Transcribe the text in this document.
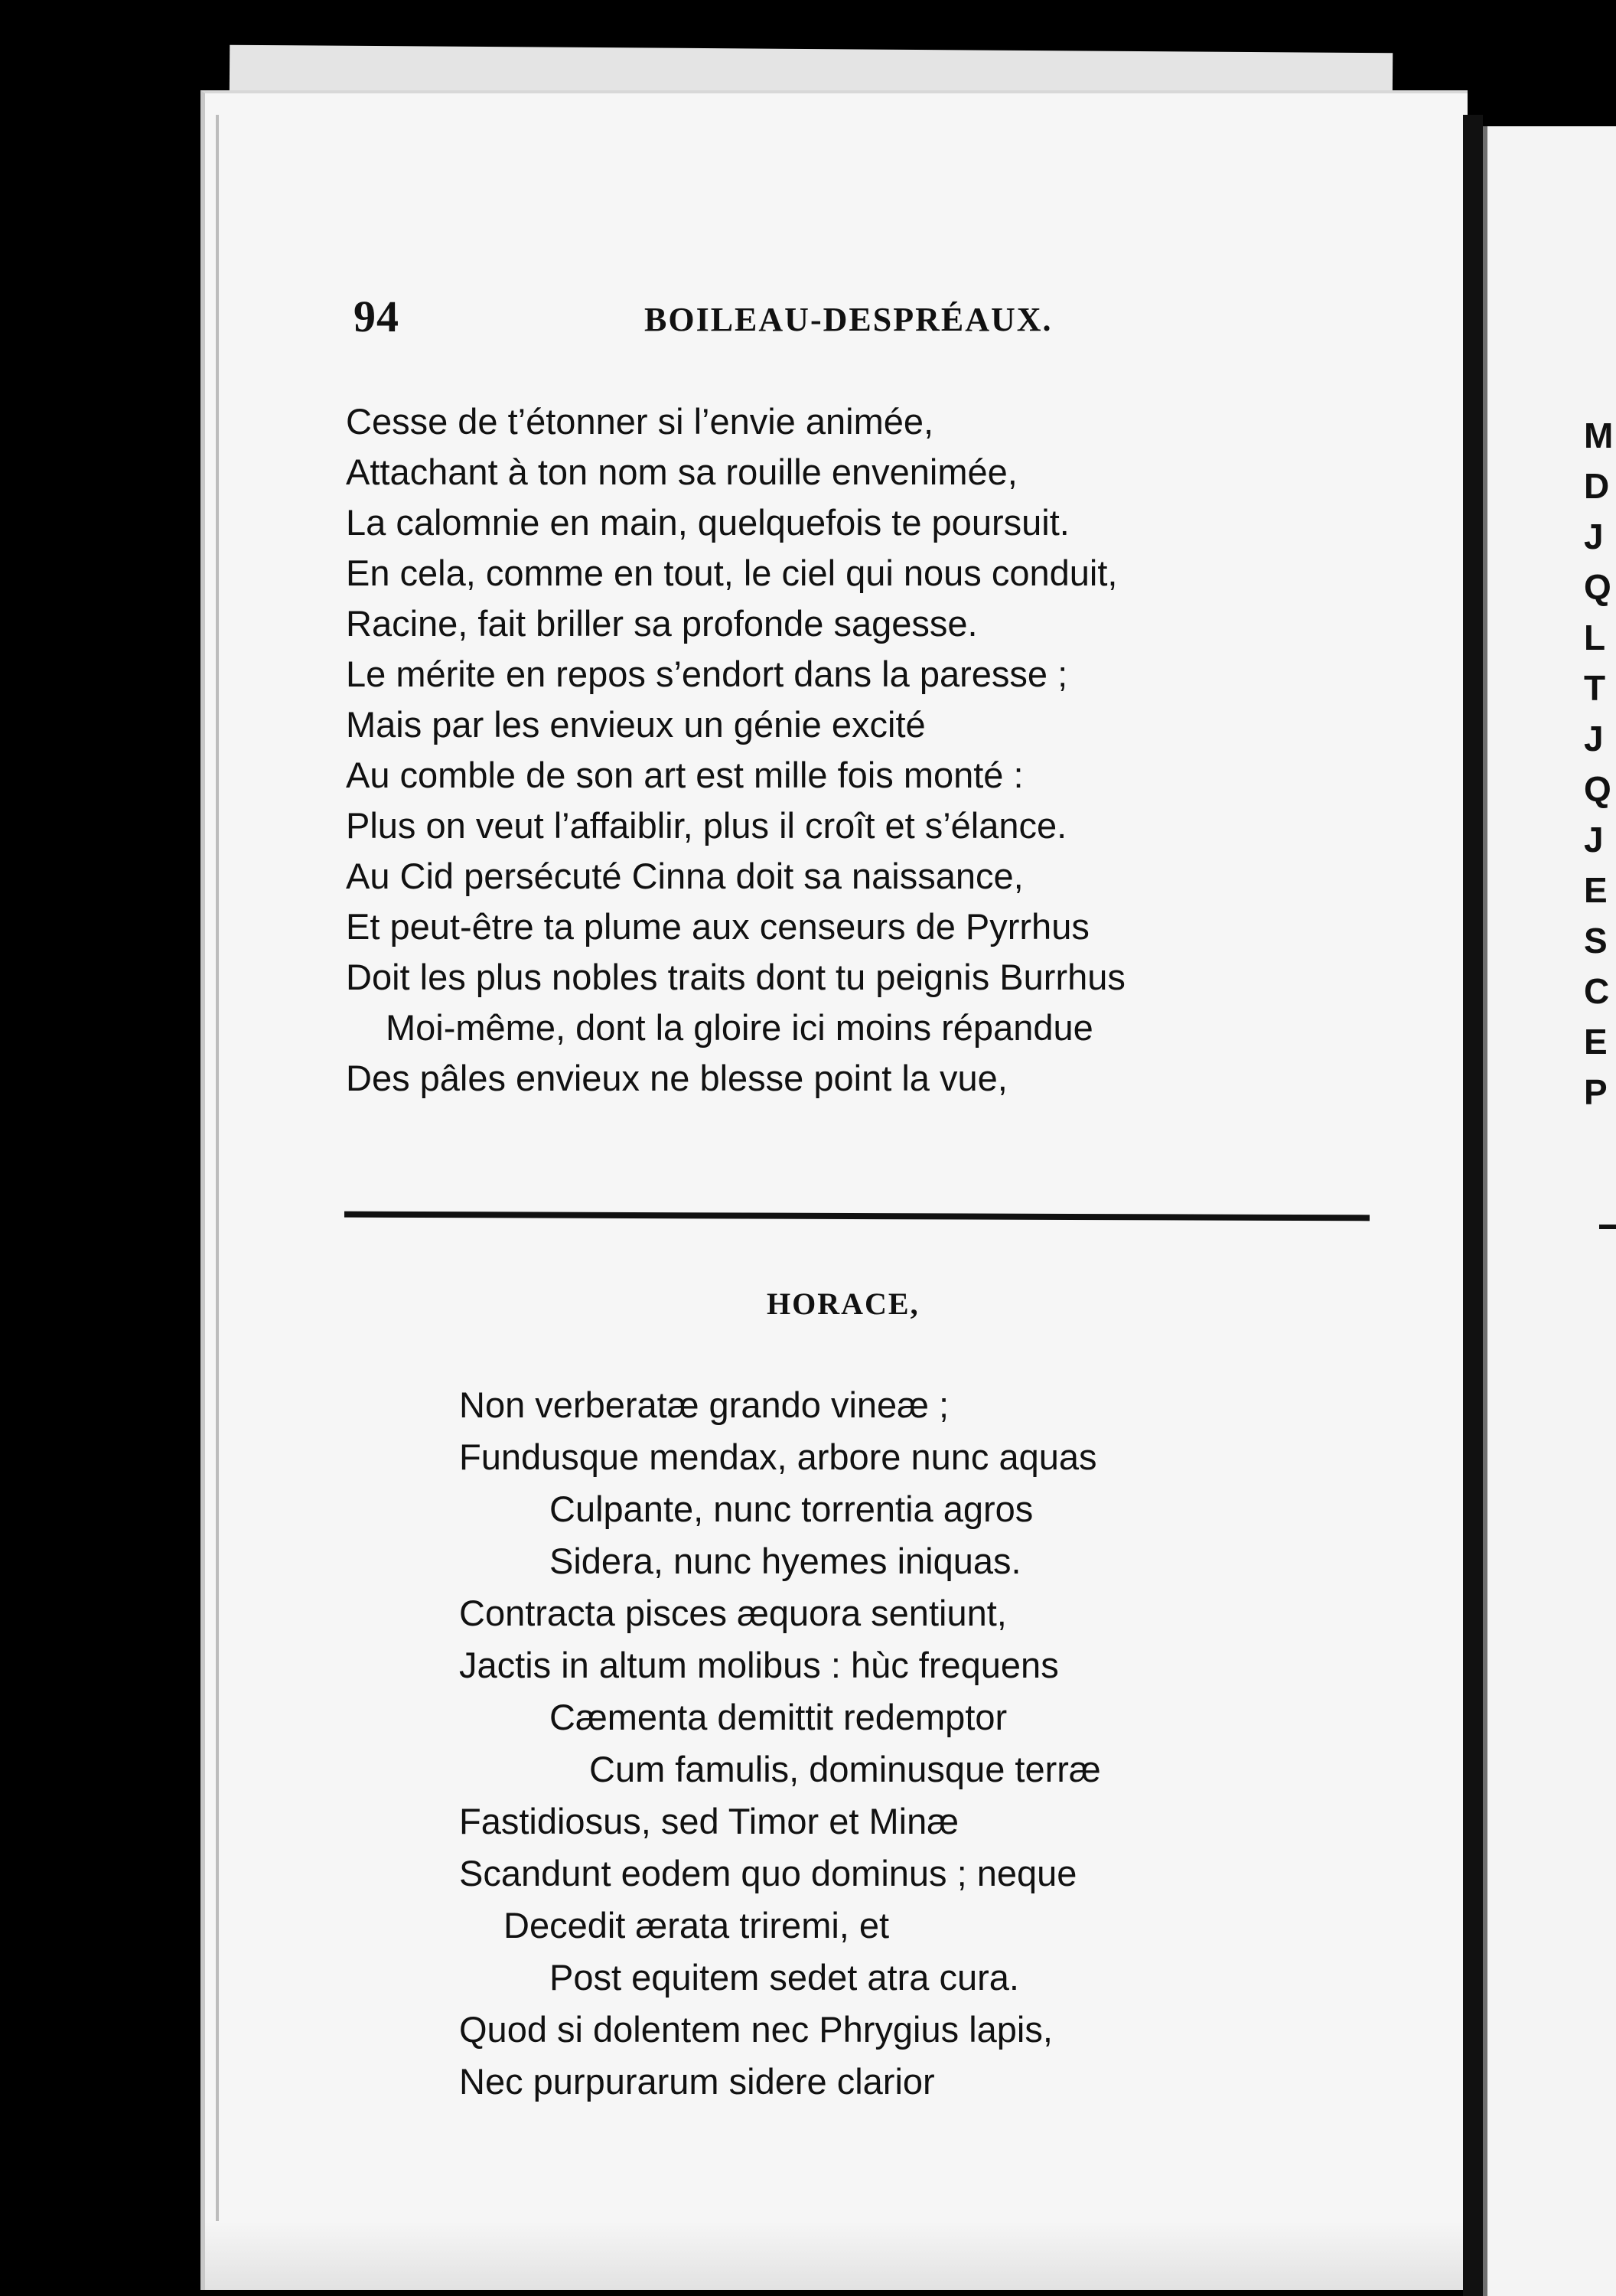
94	BOILEAU-DESPRÉAUX.
Cesse de t’étonner si l’envie animée,
Attachant à ton nom sa rouille envenimée,
La calomnie en main, quelquefois te poursuit.
En cela, comme en tout, le ciel qui nous conduit,
Racine, fait briller sa profonde sagesse.
Le mérite en repos s’endort dans la paresse ;
Mais par les envieux un génie excité
Au comble de son art est mille fois monté :
Plus on veut l’affaiblir, plus il croît et s’élance.
Au Cid persécuté Cinna doit sa naissance,
Et peut-être ta plume aux censeurs de Pyrrhus
Doit les plus nobles traits dont tu peignis Burrhus
Moi-même, dont la gloire ici moins répandue
Des pâles envieux ne blesse point la vue,
HORACE,
Non verberatæ grando vineæ ;
Fundusque mendax, arbore nunc aquas
Culpante, nunc torrentia agros
Sidera, nunc hyemes iniquas.
Contracta pisces æquora sentiunt,
Jactis in altum molibus : hùc frequens
Cæmenta demittit redemptor
Cum famulis, dominusque terræ
Fastidiosus, sed Timor et Minæ
Scandunt eodem quo dominus ; neque
Decedit ærata triremi, et
Post equitem sedet atra cura.
Quod si dolentem nec Phrygius lapis,
Nec purpurarum sidere clarior
M
D
J
Q
L
T
J
Q
J
E
S
C
E
P
